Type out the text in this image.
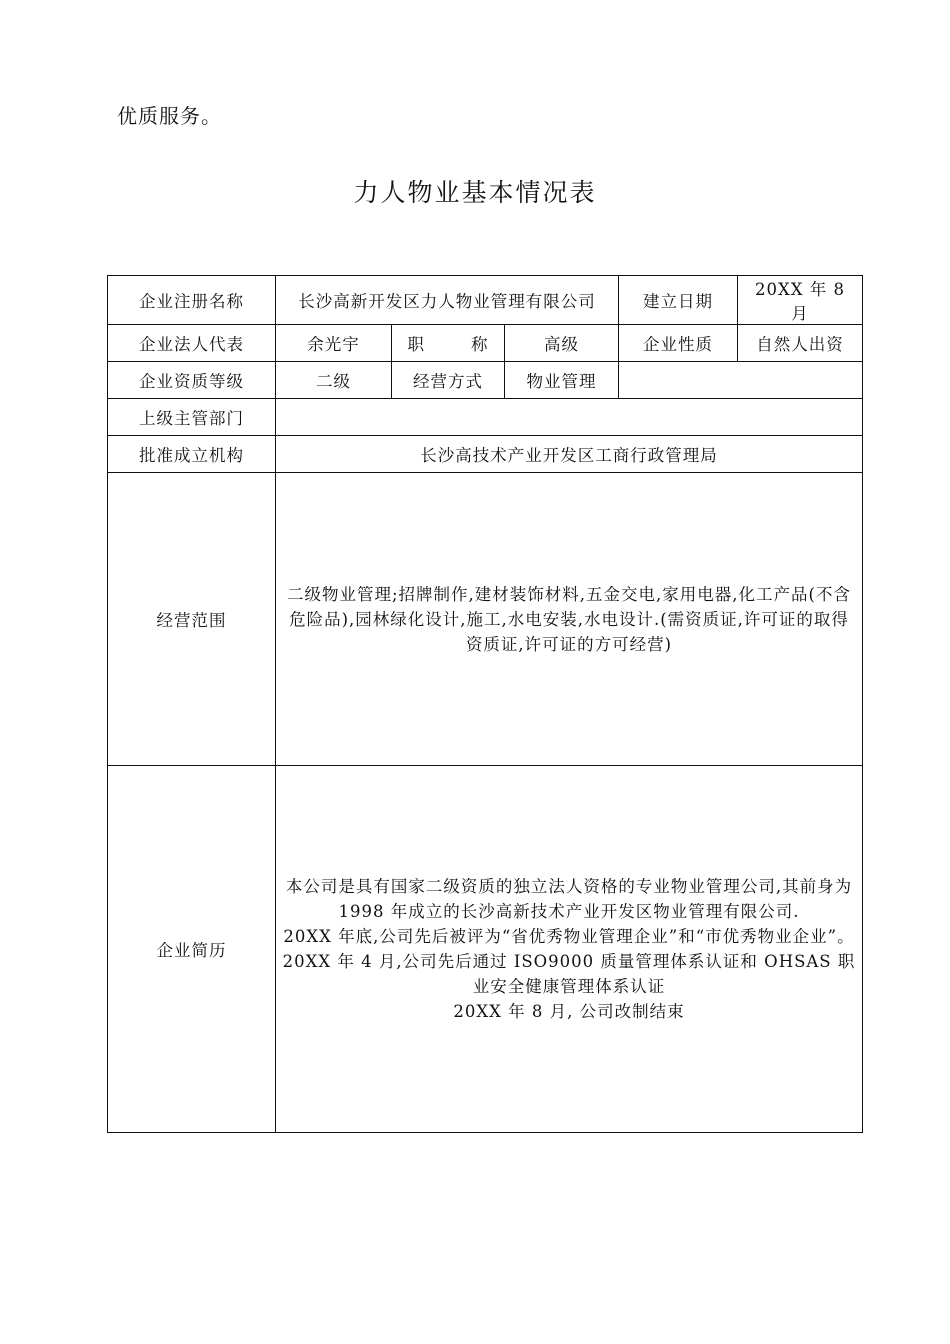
优质服务。
力人物业基本情况表
企业注册名称	长沙高新开发区力人物业管理有限公司			建立日期	20XX 年 8 月
企业法人代表	余光宇	职 称	高级	企业性质	自然人出资
企业资质等级	二级	经营方式	物业管理		
上级主管部门					
批准成立机构	长沙高技术产业开发区工商行政管理局				
经营范围	二级物业管理;招牌制作,建材装饰材料,五金交电,家用电器,化工产品(不含危险品),园林绿化设计,施工,水电安装,水电设计.(需资质证,许可证的取得资质证,许可证的方可经营)				
企业简历	本公司是具有国家二级资质的独立法人资格的专业物业管理公司,其前身为 1998 年成立的长沙高新技术产业开发区物业管理有限公司.

20XX 年底,公司先后被评为“省优秀物业管理企业”和“市优秀物业企业”。

20XX 年 4 月,公司先后通过 ISO9000 质量管理体系认证和 OHSAS 职业安全健康管理体系认证

20XX 年 8 月, 公司改制结束				
